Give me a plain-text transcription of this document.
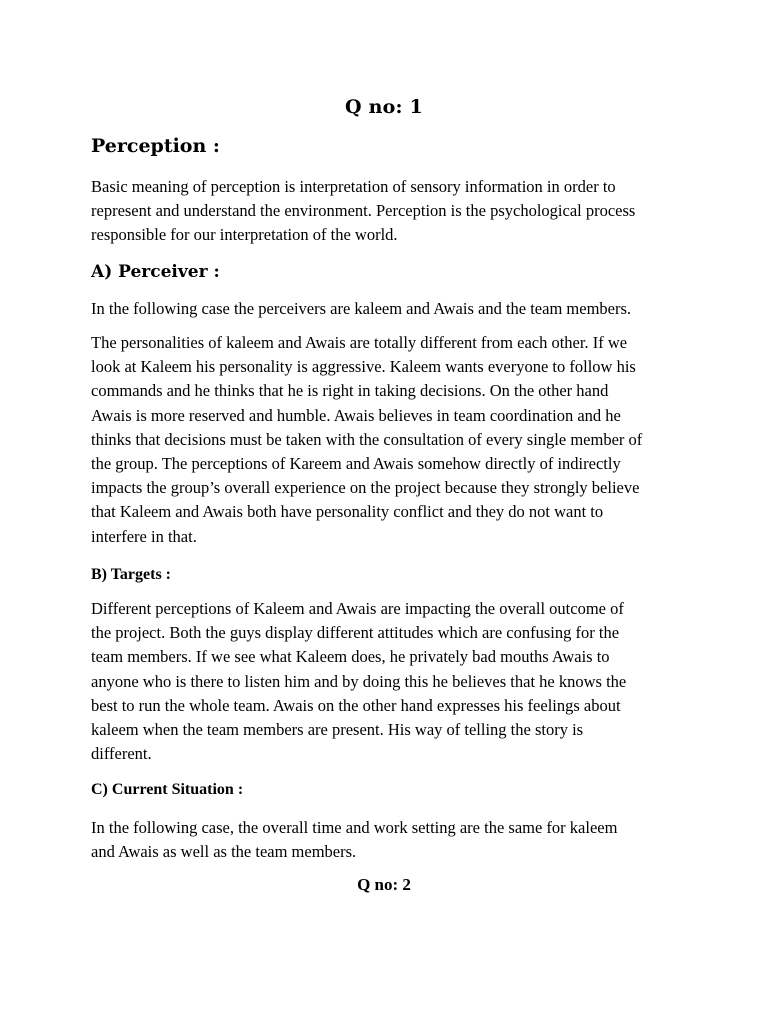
Q no: 1
Perception :

Basic meaning of perception is interpretation of sensory information in order to
represent and understand the environment. Perception is the psychological process
responsible for our interpretation of the world.

A) Perceiver :

In the following case the perceivers are kaleem and Awais and the team members.

The personalities of kaleem and Awais are totally different from each other. If we
look at Kaleem his personality is aggressive. Kaleem wants everyone to follow his
commands and he thinks that he is right in taking decisions. On the other hand
Awais is more reserved and humble. Awais believes in team coordination and he
thinks that decisions must be taken with the consultation of every single member of
the group. The perceptions of Kareem and Awais somehow directly of indirectly
impacts the group’s overall experience on the project because they strongly believe
that Kaleem and Awais both have personality conflict and they do not want to
interfere in that.

B) Targets :

Different perceptions of Kaleem and Awais are impacting the overall outcome of
the project. Both the guys display different attitudes which are confusing for the
team members. If we see what Kaleem does, he privately bad mouths Awais to
anyone who is there to listen him and by doing this he believes that he knows the
best to run the whole team. Awais on the other hand expresses his feelings about
kaleem when the team members are present. His way of telling the story is
different.

C) Current Situation :

In the following case, the overall time and work setting are the same for kaleem
and Awais as well as the team members.

Q no: 2
